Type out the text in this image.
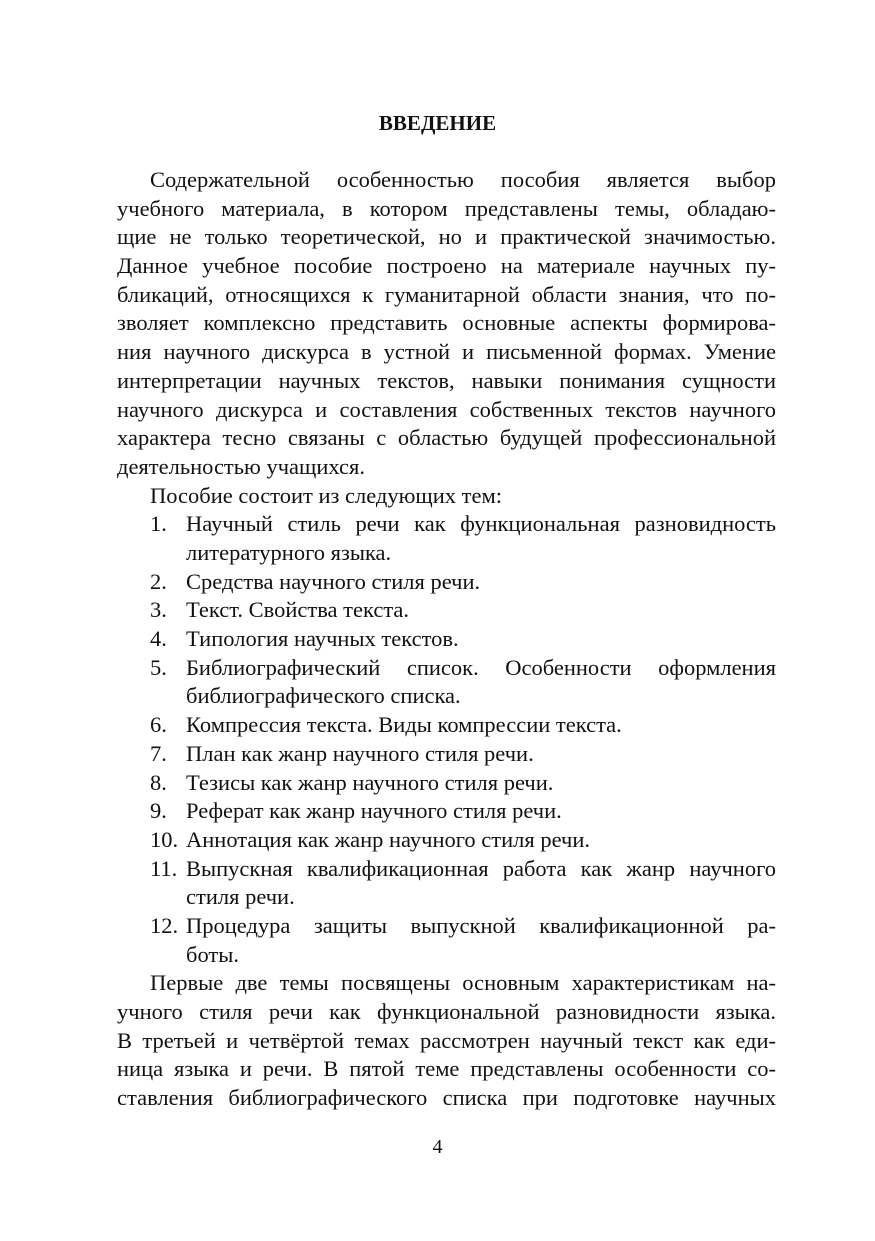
ВВЕДЕНИЕ
Содержательной особенностью пособия является выбор
учебного материала, в котором представлены темы, обладаю-
щие не только теоретической, но и практической значимостью.
Данное учебное пособие построено на материале научных пу-
бликаций, относящихся к гуманитарной области знания, что по-
зволяет комплексно представить основные аспекты формирова-
ния научного дискурса в устной и письменной формах. Умение
интерпретации научных текстов, навыки понимания сущности
научного дискурса и составления собственных текстов научного
характера тесно связаны с областью будущей профессиональной
деятельностью учащихся.
Пособие состоит из следующих тем:
1. Научный стиль речи как функциональная разновидность
литературного языка.
2. Средства научного стиля речи.
3. Текст. Свойства текста.
4. Типология научных текстов.
5. Библиографический список. Особенности оформления
библиографического списка.
6. Компрессия текста. Виды компрессии текста.
7. План как жанр научного стиля речи.
8. Тезисы как жанр научного стиля речи.
9. Реферат как жанр научного стиля речи.
10. Аннотация как жанр научного стиля речи.
11. Выпускная квалификационная работа как жанр научного
стиля речи.
12. Процедура защиты выпускной квалификационной ра-
боты.
Первые две темы посвящены основным характеристикам на-
учного стиля речи как функциональной разновидности языка.
В третьей и четвёртой темах рассмотрен научный текст как еди-
ница языка и речи. В пятой теме представлены особенности со-
ставления библиографического списка при подготовке научных
4
